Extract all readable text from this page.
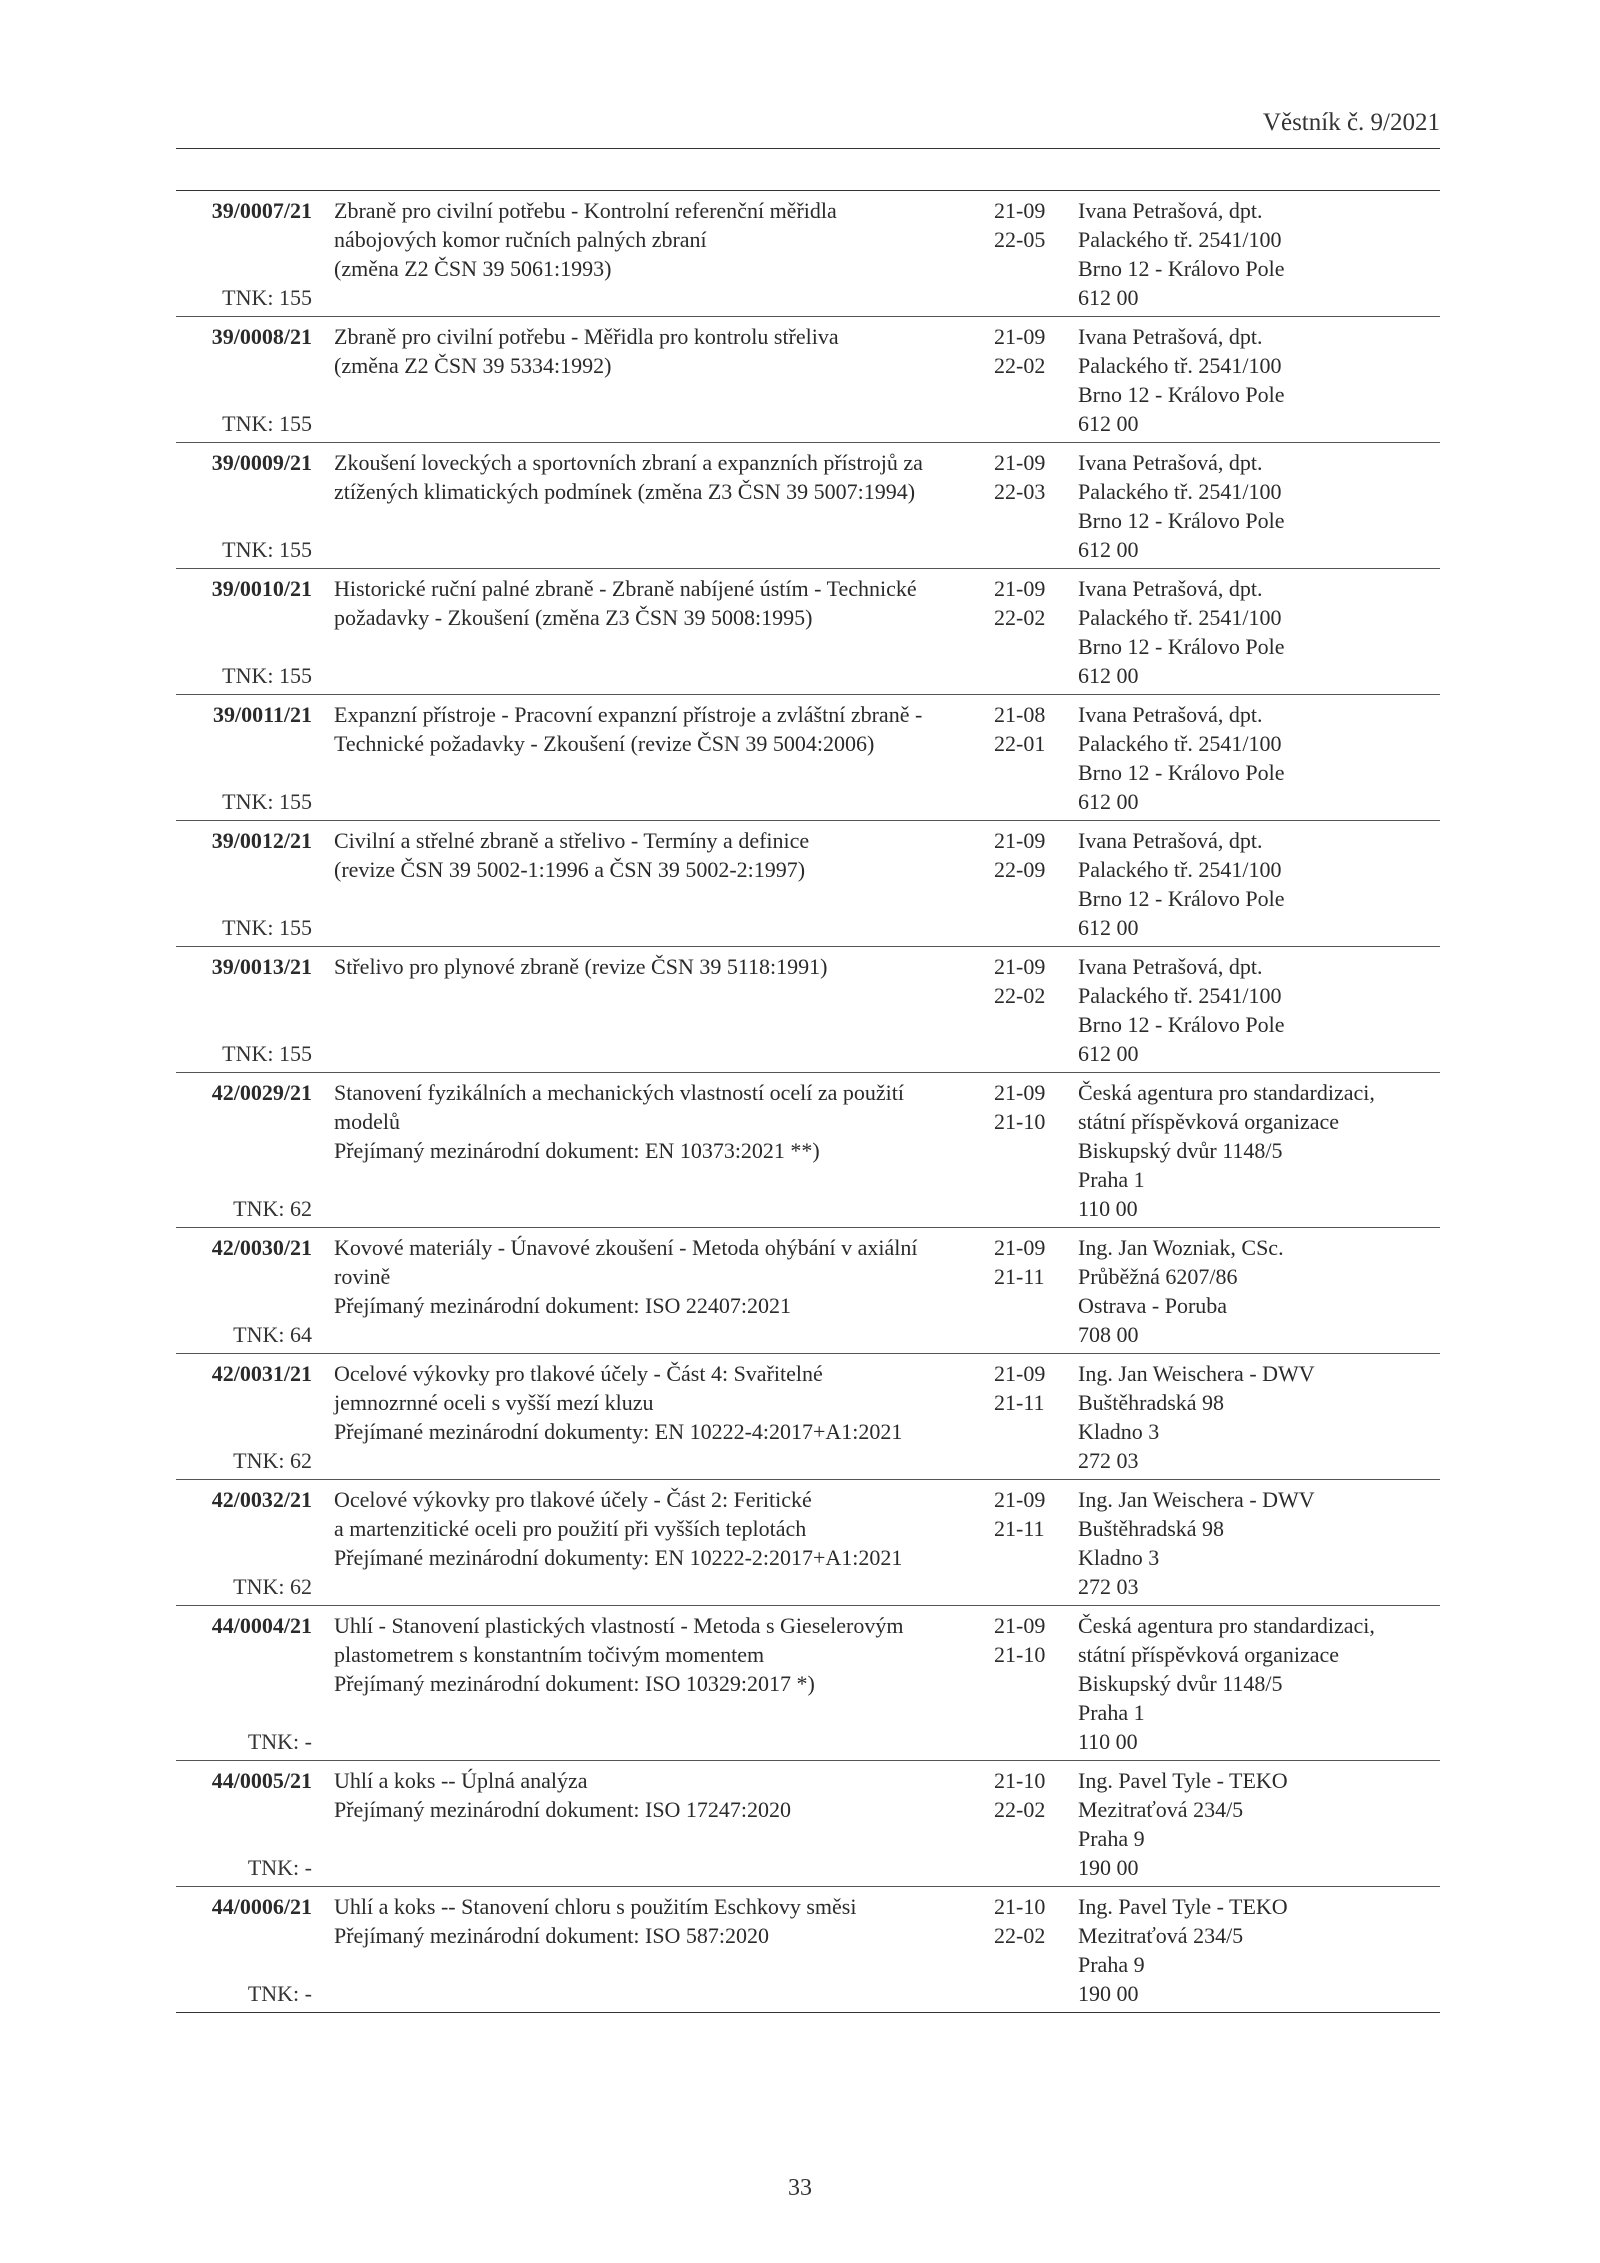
Věstník č. 9/2021
39/0007/21
TNK: 155
Zbraně pro civilní potřebu - Kontrolní referenční měřidla
nábojových komor ručních palných zbraní
(změna Z2 ČSN 39 5061:1993)
21-09
22-05
Ivana Petrašová, dpt.
Palackého tř. 2541/100
Brno 12 - Královo Pole
612 00
39/0008/21
TNK: 155
Zbraně pro civilní potřebu - Měřidla pro kontrolu střeliva
(změna Z2 ČSN 39 5334:1992)
21-09
22-02
Ivana Petrašová, dpt.
Palackého tř. 2541/100
Brno 12 - Královo Pole
612 00
39/0009/21
TNK: 155
Zkoušení loveckých a sportovních zbraní a expanzních přístrojů za
ztížených klimatických podmínek (změna Z3 ČSN 39 5007:1994)
21-09
22-03
Ivana Petrašová, dpt.
Palackého tř. 2541/100
Brno 12 - Královo Pole
612 00
39/0010/21
TNK: 155
Historické ruční palné zbraně - Zbraně nabíjené ústím - Technické
požadavky - Zkoušení (změna Z3 ČSN 39 5008:1995)
21-09
22-02
Ivana Petrašová, dpt.
Palackého tř. 2541/100
Brno 12 - Královo Pole
612 00
39/0011/21
TNK: 155
Expanzní přístroje - Pracovní expanzní přístroje a zvláštní zbraně -
Technické požadavky - Zkoušení (revize ČSN 39 5004:2006)
21-08
22-01
Ivana Petrašová, dpt.
Palackého tř. 2541/100
Brno 12 - Královo Pole
612 00
39/0012/21
TNK: 155
Civilní a střelné zbraně a střelivo - Termíny a definice
(revize ČSN 39 5002-1:1996 a ČSN 39 5002-2:1997)
21-09
22-09
Ivana Petrašová, dpt.
Palackého tř. 2541/100
Brno 12 - Královo Pole
612 00
39/0013/21
TNK: 155
Střelivo pro plynové zbraně (revize ČSN 39 5118:1991)	21-09
22-02
Ivana Petrašová, dpt.
Palackého tř. 2541/100
Brno 12 - Královo Pole
612 00
42/0029/21
TNK: 62
Stanovení fyzikálních a mechanických vlastností ocelí za použití
modelů
Přejímaný mezinárodní dokument: EN 10373:2021 **)
21-09
21-10
Česká agentura pro standardizaci,
státní příspěvková organizace
Biskupský dvůr 1148/5
Praha 1
110 00
42/0030/21
TNK: 64
Kovové materiály - Únavové zkoušení - Metoda ohýbání v axiální
rovině
Přejímaný mezinárodní dokument: ISO 22407:2021
21-09
21-11
Ing. Jan Wozniak, CSc.
Průběžná 6207/86
Ostrava - Poruba
708 00
42/0031/21
TNK: 62
Ocelové výkovky pro tlakové účely - Část 4: Svařitelné
jemnozrnné oceli s vyšší mezí kluzu
Přejímané mezinárodní dokumenty: EN 10222-4:2017+A1:2021
21-09
21-11
Ing. Jan Weischera - DWV
Buštěhradská 98
Kladno 3
272 03
42/0032/21
TNK: 62
Ocelové výkovky pro tlakové účely - Část 2: Feritické
a martenzitické oceli pro použití při vyšších teplotách
Přejímané mezinárodní dokumenty: EN 10222-2:2017+A1:2021
21-09
21-11
Ing. Jan Weischera - DWV
Buštěhradská 98
Kladno 3
272 03
44/0004/21
TNK: -
Uhlí - Stanovení plastických vlastností - Metoda s Gieselerovým
plastometrem s konstantním točivým momentem
Přejímaný mezinárodní dokument: ISO 10329:2017 *)
21-09
21-10
Česká agentura pro standardizaci,
státní příspěvková organizace
Biskupský dvůr 1148/5
Praha 1
110 00
44/0005/21
TNK: -
Uhlí a koks -- Úplná analýza
Přejímaný mezinárodní dokument: ISO 17247:2020
21-10
22-02
Ing. Pavel Tyle - TEKO
Mezitraťová 234/5
Praha 9
190 00
44/0006/21
TNK: -
Uhlí a koks -- Stanovení chloru s použitím Eschkovy směsi
Přejímaný mezinárodní dokument: ISO 587:2020
21-10
22-02
Ing. Pavel Tyle - TEKO
Mezitraťová 234/5
Praha 9
190 00
33
